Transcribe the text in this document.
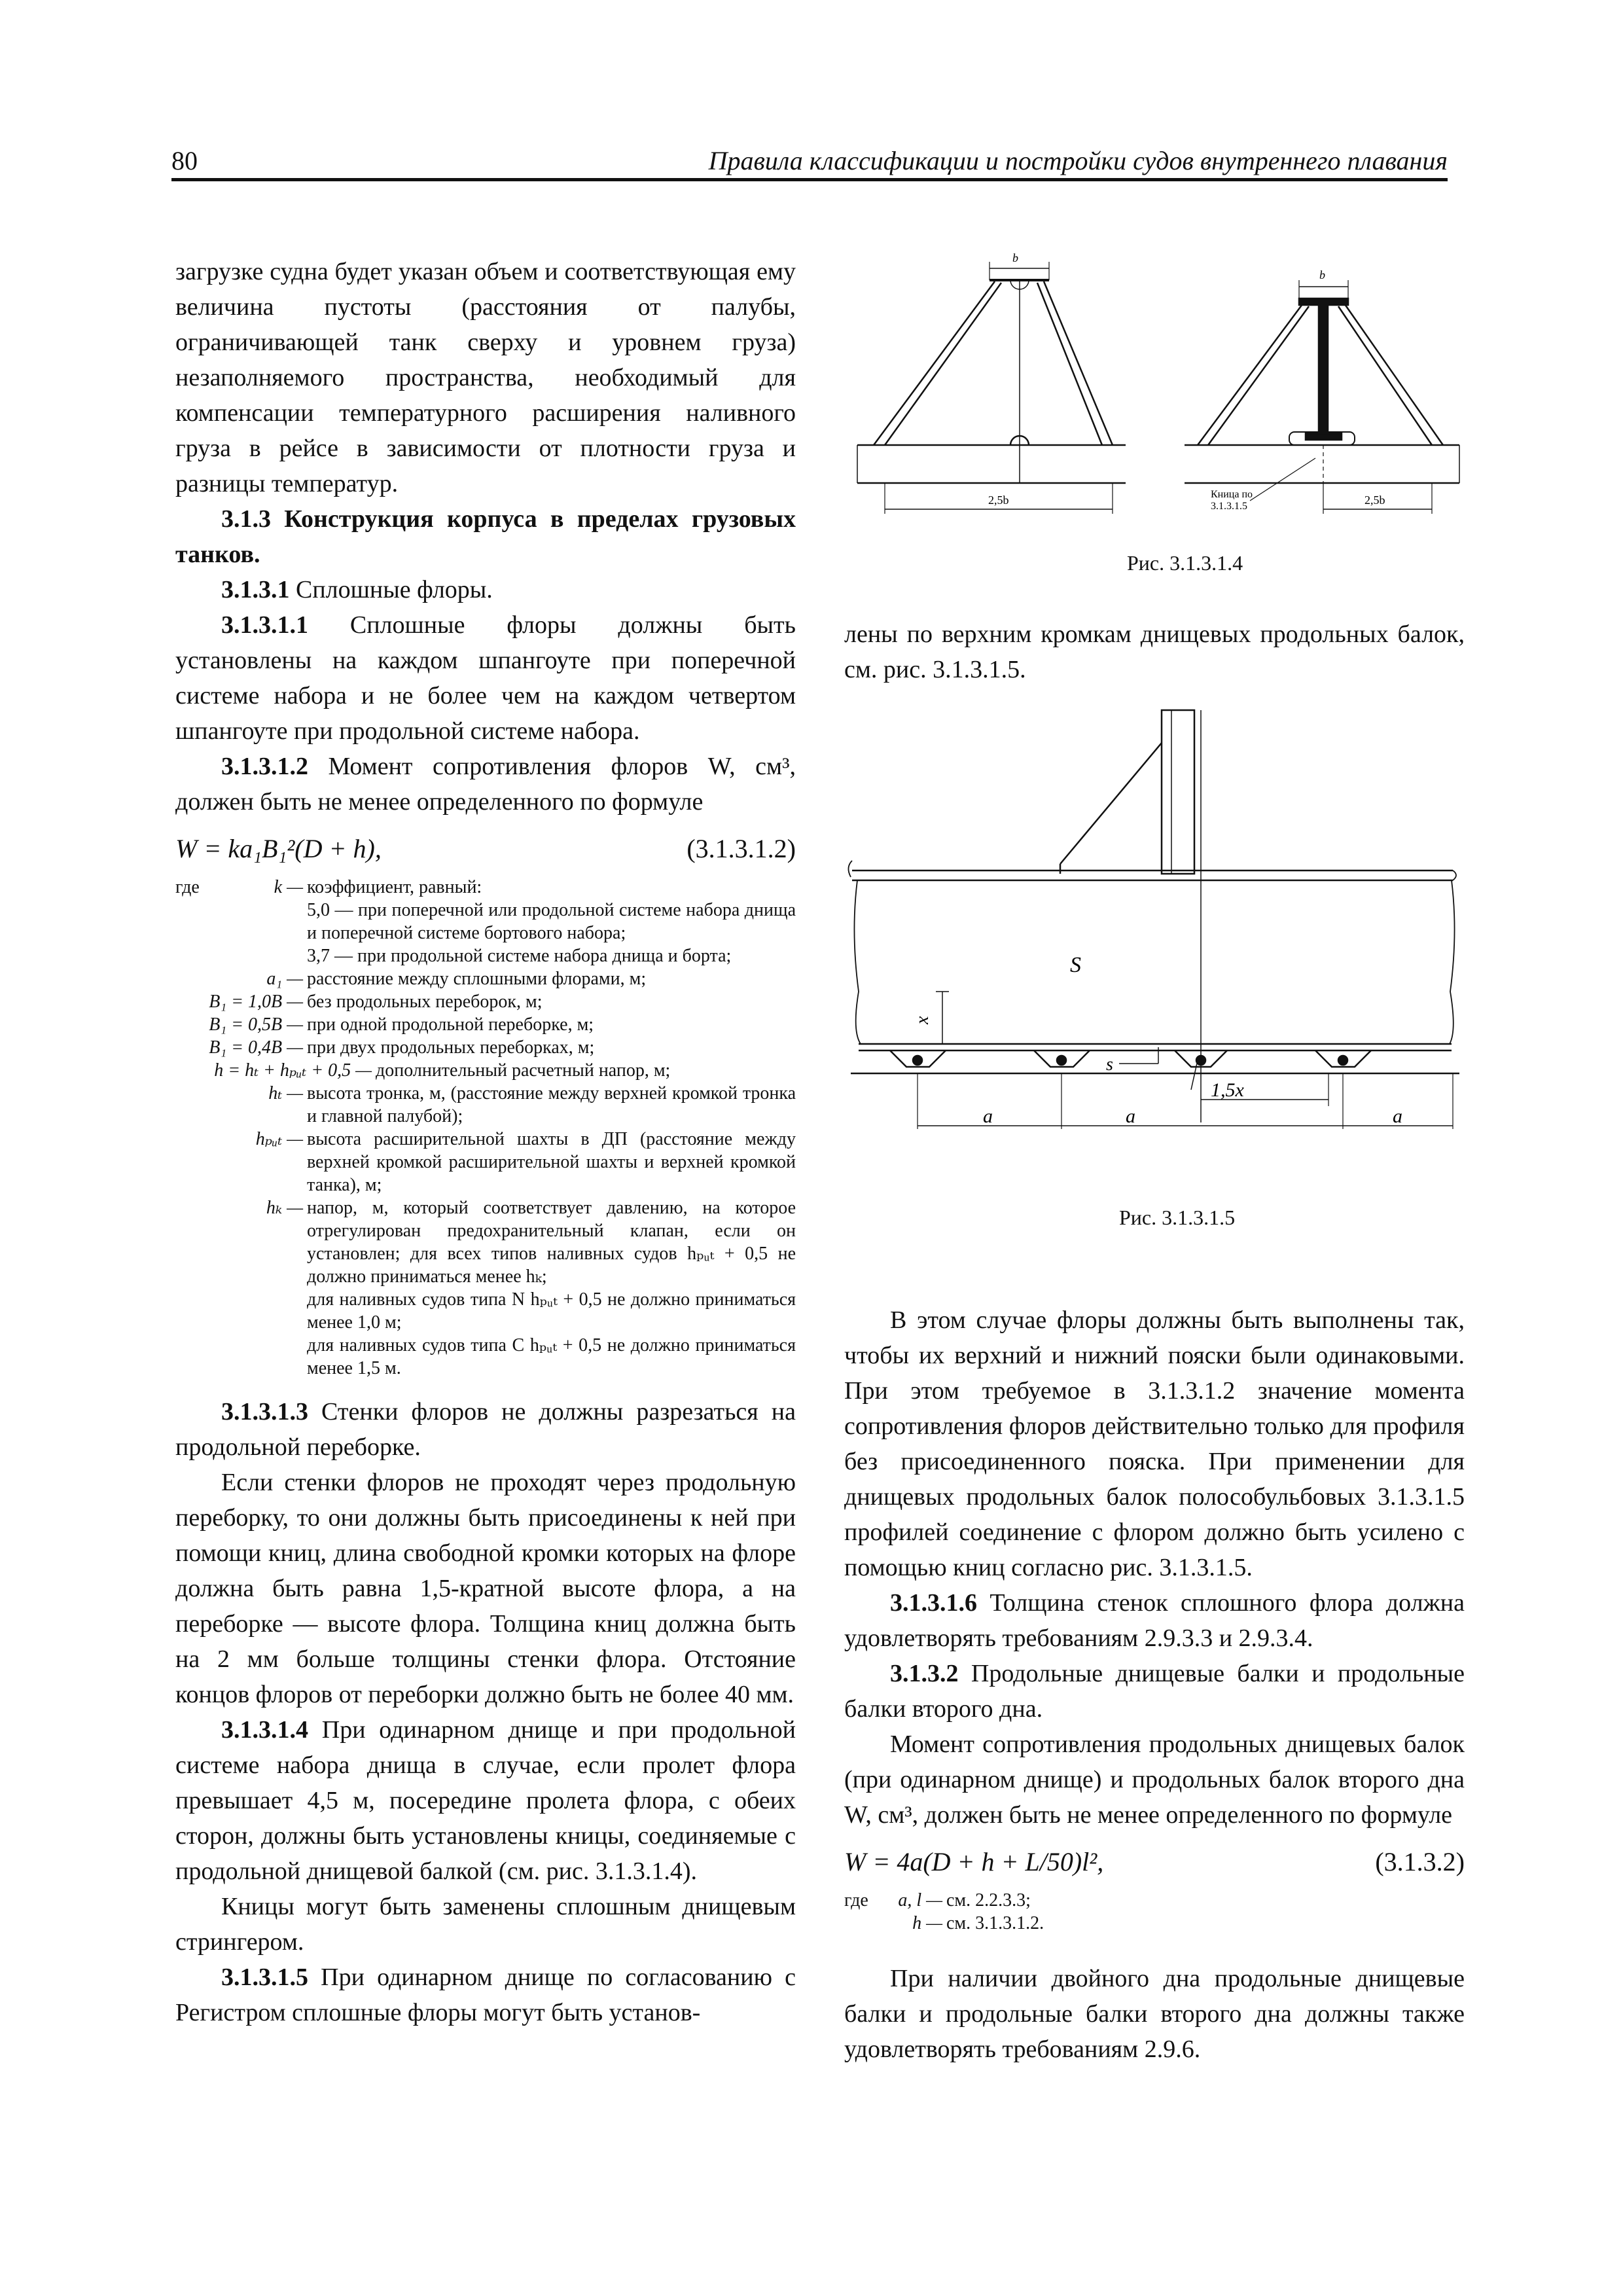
80	Правила классификации и постройки судов внутреннего плавания

загрузке судна будет указан объем и соответствующая ему величина пустоты (расстояния от палубы, ограничивающей танк сверху и уровнем груза) незаполняемого пространства, необходимый для компенсации температурного расширения наливного груза в рейсе в зависимости от плотности груза и разницы температур.

3.1.3 Конструкция корпуса в пределах грузовых танков.

3.1.3.1 Сплошные флоры.

3.1.3.1.1 Сплошные флоры должны быть установлены на каждом шпангоуте при поперечной системе набора и не более чем на каждом четвертом шпангоуте при продольной системе набора.

3.1.3.1.2 Момент сопротивления флоров W, см³, должен быть не менее определенного по формуле

W = ka₁B₁²(D + h),	(3.1.3.1.2)
где	k — коэффициент, равный:
5,0 — при поперечной или продольной системе набора днища и поперечной системе бортового набора;
3,7 — при продольной системе набора днища и борта;
a₁ — расстояние между сплошными флорами, м;
B₁ = 1,0B — без продольных переборок, м;
B₁ = 0,5B — при одной продольной переборке, м;
B₁ = 0,4B — при двух продольных переборках, м;
h = hₜ + hₚᵤₜ + 0,5 — дополнительный расчетный напор, м;
hₜ — высота тронка, м, (расстояние между верхней кромкой тронка и главной палубой);
hₚᵤₜ — высота расширительной шахты в ДП (расстояние между верхней кромкой расширительной шахты и верхней кромкой танка), м;
hₖ — напор, м, который соответствует давлению, на которое отрегулирован предохранительный клапан, если он установлен; для всех типов наливных судов hₚᵤₜ + 0,5 не должно приниматься менее hₖ;
для наливных судов типа N hₚᵤₜ + 0,5 не должно приниматься менее 1,0 м;
для наливных судов типа С hₚᵤₜ + 0,5 не должно приниматься менее 1,5 м.

3.1.3.1.3 Стенки флоров не должны разрезаться на продольной переборке.

Если стенки флоров не проходят через продольную переборку, то они должны быть присоединены к ней при помощи книц, длина свободной кромки которых на флоре должна быть равна 1,5-кратной высоте флора, а на переборке — высоте флора. Толщина книц должна быть на 2 мм больше толщины стенки флора. Отстояние концов флоров от переборки должно быть не более 40 мм.

3.1.3.1.4 При одинарном днище и при продольной системе набора днища в случае, если пролет флора превышает 4,5 м, посередине пролета флора, с обеих сторон, должны быть установлены кницы, соединяемые с продольной днищевой балкой (см. рис. 3.1.3.1.4).

Кницы могут быть заменены сплошным днищевым стрингером.

3.1.3.1.5 При одинарном днище по согласованию с Регистром сплошные флоры могут быть установ-

b
b
2,5b	2,5b
Кница по
3.1.3.1.5
Рис. 3.1.3.1.4

лены по верхним кромкам днищевых продольных балок, см. рис. 3.1.3.1.5.

S
x
s
1,5x
a	a	a
Рис. 3.1.3.1.5

В этом случае флоры должны быть выполнены так, чтобы их верхний и нижний пояски были одинаковыми. При этом требуемое в 3.1.3.1.2 значение момента сопротивления флоров действительно только для профиля без присоединенного пояска. При применении для днищевых продольных балок полособульбовых 3.1.3.1.5 профилей соединение с флором должно быть усилено с помощью книц согласно рис. 3.1.3.1.5.

3.1.3.1.6 Толщина стенок сплошного флора должна удовлетворять требованиям 2.9.3.3 и 2.9.3.4.

3.1.3.2 Продольные днищевые балки и продольные балки второго дна.

Момент сопротивления продольных днищевых балок (при одинарном днище) и продольных балок второго дна W, см³, должен быть не менее определенного по формуле

W = 4a(D + h + L/50)l²,	(3.1.3.2)
где	a, l — см. 2.2.3.3;
h — см. 3.1.3.1.2.

При наличии двойного дна продольные днищевые балки и продольные балки второго дна должны также удовлетворять требованиям 2.9.6.
